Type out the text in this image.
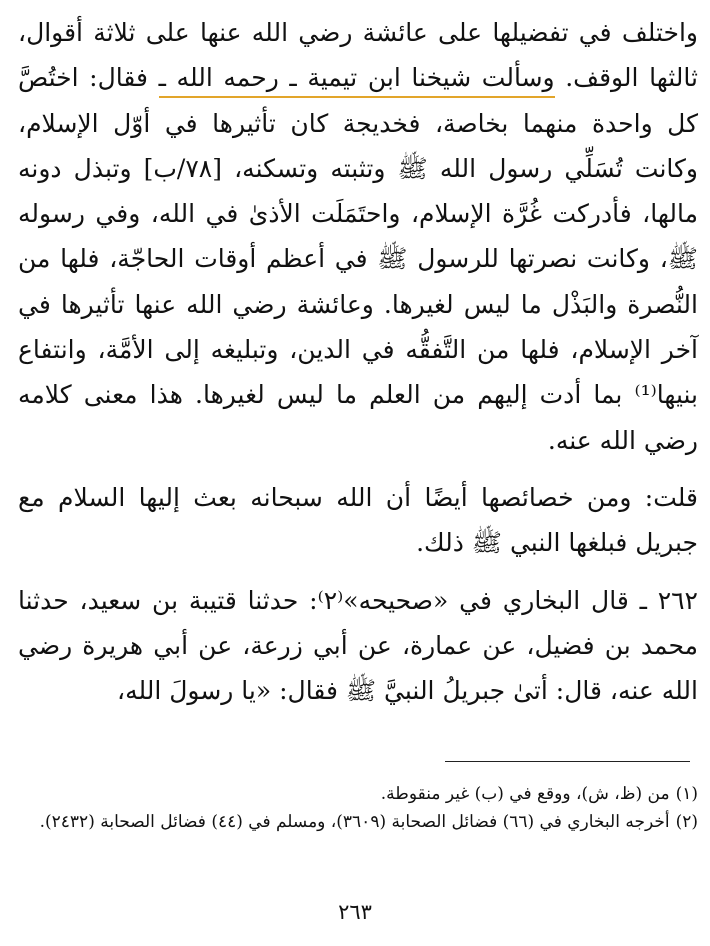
واختلف في تفضيلها على عائشة رضي الله عنها على ثلاثة أقوال، ثالثها الوقف. وسألت شيخنا ابن تيمية ـ رحمه الله ـ فقال: اختُصَّ كل واحدة منهما بخاصة، فخديجة كان تأثيرها في أوّل الإسلام، وكانت تُسَلِّي رسول الله ﷺ وتثبته وتسكنه، [٧٨/ب] وتبذل دونه مالها، فأدركت غُرَّة الإسلام، واحتَمَلَت الأذىٰ في الله، وفي رسوله ﷺ، وكانت نصرتها للرسول ﷺ في أعظم أوقات الحاجّة، فلها من النُّصرة والبَذْل ما ليس لغيرها. وعائشة رضي الله عنها تأثيرها في آخر الإسلام، فلها من التَّفقُّه في الدين، وتبليغه إلى الأمَّة، وانتفاع بنيها⁽¹⁾ بما أدت إليهم من العلم ما ليس لغيرها. هذا معنى كلامه رضي الله عنه.

قلت: ومن خصائصها أيضًا أن الله سبحانه بعث إليها السلام مع جبريل فبلغها النبي ﷺ ذلك.

٢٦٢ ـ قال البخاري في «صحيحه»⁽٢⁾: حدثنا قتيبة بن سعيد، حدثنا محمد بن فضيل، عن عمارة، عن أبي زرعة، عن أبي هريرة رضي الله عنه، قال: أتىٰ جبريلُ النبيَّ ﷺ فقال: «يا رسولَ الله،

(١)من (ظ، ش)، ووقع في (ب) غير منقوطة.

(٢)أخرجه البخاري في (٦٦) فضائل الصحابة (٣٦٠٩)، ومسلم في (٤٤) فضائل الصحابة (٢٤٣٢).

٢٦٣
